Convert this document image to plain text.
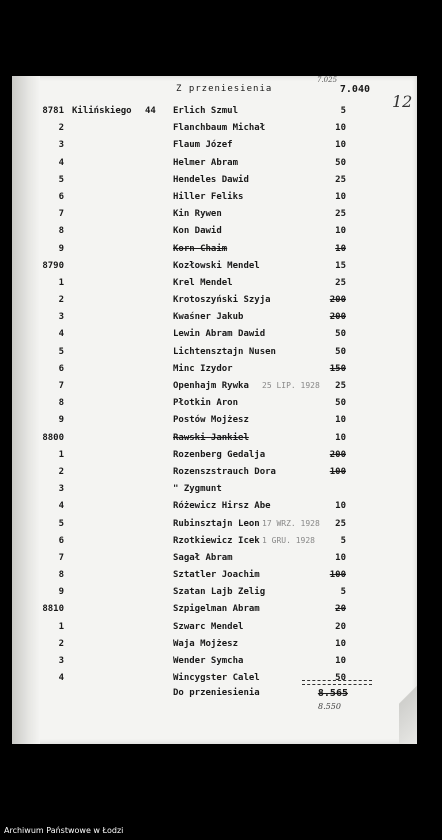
7.025
Z przeniesienia	7.040
12
8781 Kilińskiego 44 Erlich Szmul	5
2	Flanchbaum Michał	10
3	Flaum Józef	10
4	Helmer Abram	50
5	Hendeles Dawid	25
6	Hiller Feliks	10
7	Kin Rywen	25
8	Kon Dawid	10
9	Korn Chaim	10
8790	Kozłowski Mendel	15
1	Krel Mendel	25
2	Krotoszyński Szyja	200
3	Kwaśner Jakub	200
4	Lewin Abram Dawid	50
5	Lichtensztajn Nusen	50
6	Minc Izydor	150
7	Openhajm Rywka	25
25 LIP. 1928
8	Płotkin Aron	50
9	Postów Mojżesz	10
8800	Rawski Jankiel	10
1	Rozenberg Gedalja	200
2	Rozenszstrauch Dora	100
3	" Zygmunt
4	Różewicz Hirsz Abe	10
5	Rubinsztajn Leon	25
17 WRZ. 1928
6	Rzotkiewicz Icek	5
1 GRU. 1928
7	Sagał Abram	10
8	Sztatler Joachim	100
9	Szatan Lajb Zelig	5
8810	Szpigelman Abram	20
1	Szwarc Mendel	20
2	Waja Mojżesz	10
3	Wender Symcha	10
4	Wincygster Calel	50
Do przeniesienia	8.565
8.550
Archiwum Państwowe w Łodzi
